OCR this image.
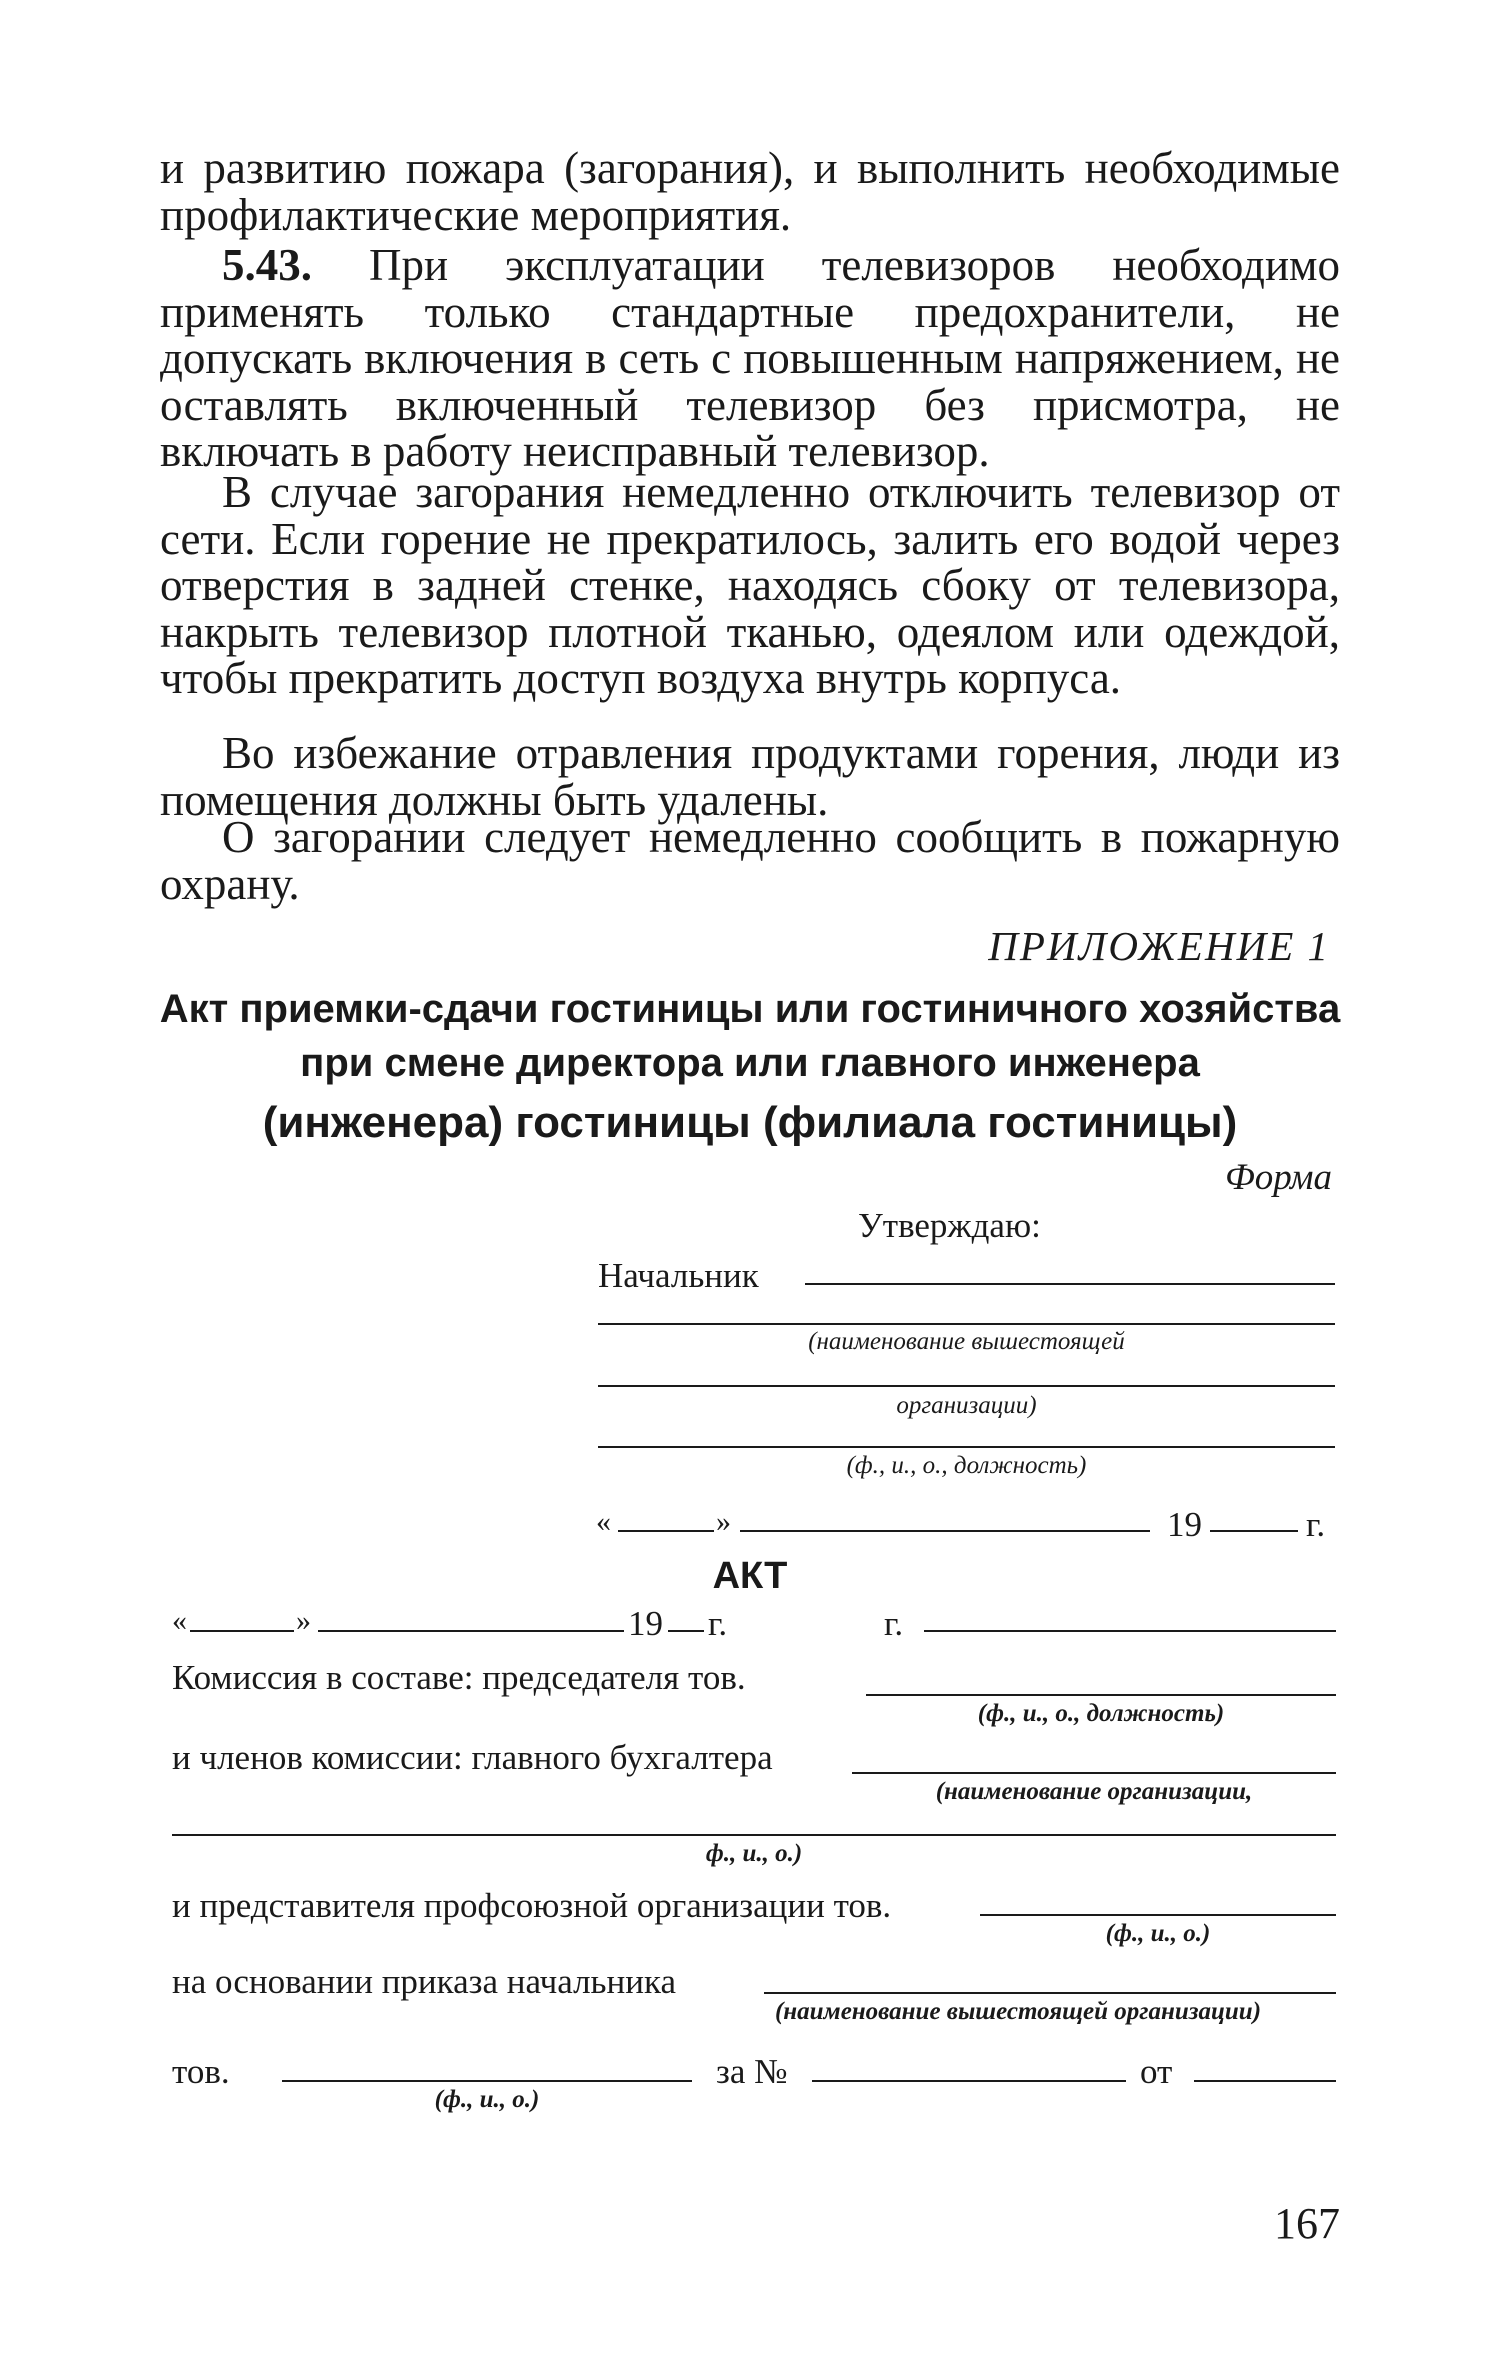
и развитию пожара (загорания), и выполнить необходимые профилактические мероприятия.

5.43. При эксплуатации телевизоров необходимо применять только стандартные предохранители, не допускать включения в сеть с повышенным напряжением, не оставлять включенный телевизор без присмотра, не включать в работу неисправный телевизор.

В случае загорания немедленно отключить телевизор от сети. Если горение не прекратилось, залить его водой через отверстия в задней стенке, находясь сбоку от телевизора, накрыть телевизор плотной тканью, одеялом или одеждой, чтобы прекратить доступ воздуха внутрь корпуса.

Во избежание отравления продуктами горения, люди из помещения должны быть удалены.

О загорании следует немедленно сообщить в пожарную охрану.

ПРИЛОЖЕНИЕ 1

Акт приемки-сдачи гостиницы или гостиничного хозяйства
при смене директора или главного инженера
(инженера) гостиницы (филиала гостиницы)

Форма

Утверждаю:

Начальник

(наименование вышестоящей

организации)

(ф., и., о., должность)

«	»	19	г.

АКТ

«	»	19 г.	г.

Комиссия в составе: председателя тов.

(ф., и., о., должность)

и членов комиссии: главного бухгалтера

(наименование организации,

ф., и., о.)

и представителя профсоюзной организации тов.

(ф., и., о.)

на основании приказа начальника

(наименование вышестоящей организации)

тов.

(ф., и., о.)

за №	от

167
